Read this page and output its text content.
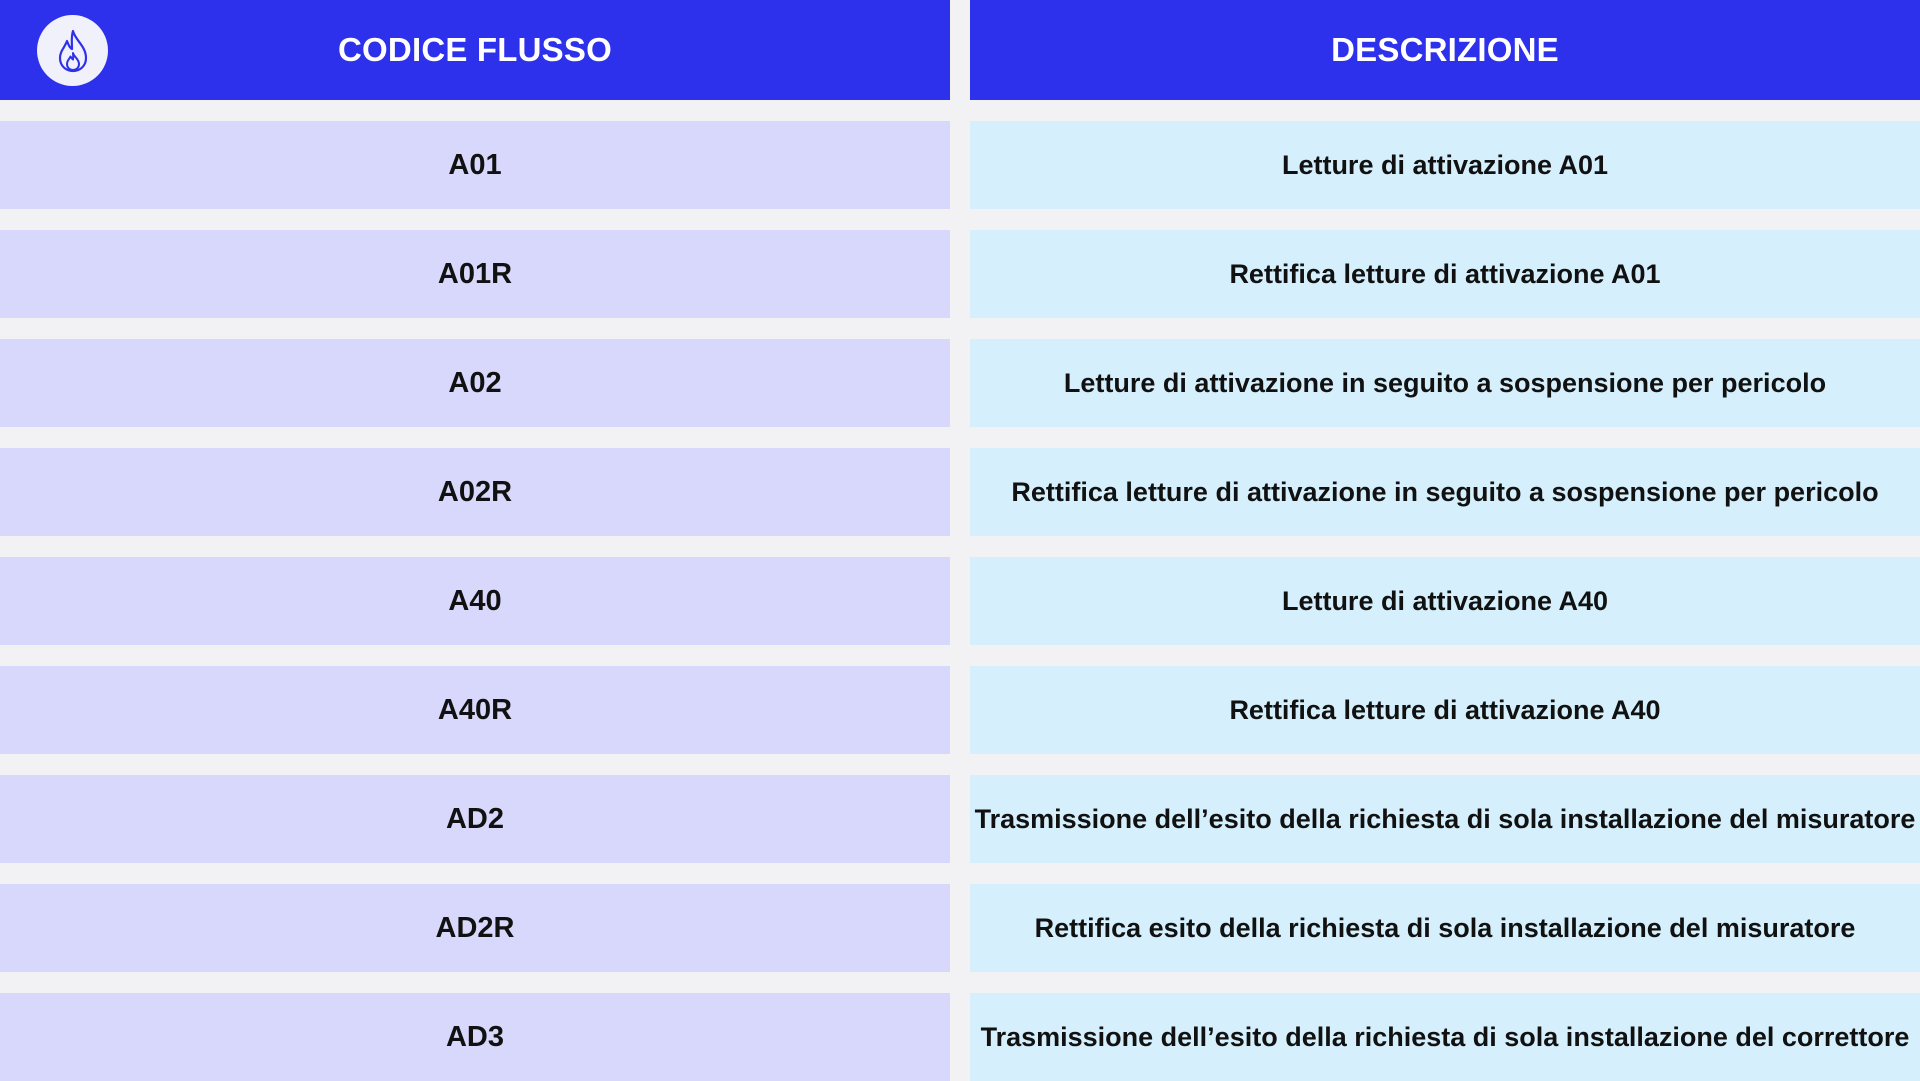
CODICE FLUSSO	DESCRIZIONE
A01	Letture di attivazione A01
A01R	Rettifica letture di attivazione A01
A02	Letture di attivazione in seguito a sospensione per pericolo
A02R	Rettifica letture di attivazione in seguito a sospensione per pericolo
A40	Letture di attivazione A40
A40R	Rettifica letture di attivazione A40
AD2	Trasmissione dell’esito della richiesta di sola installazione del misuratore
AD2R	Rettifica esito della richiesta di sola installazione del misuratore
AD3	Trasmissione dell’esito della richiesta di sola installazione del correttore
